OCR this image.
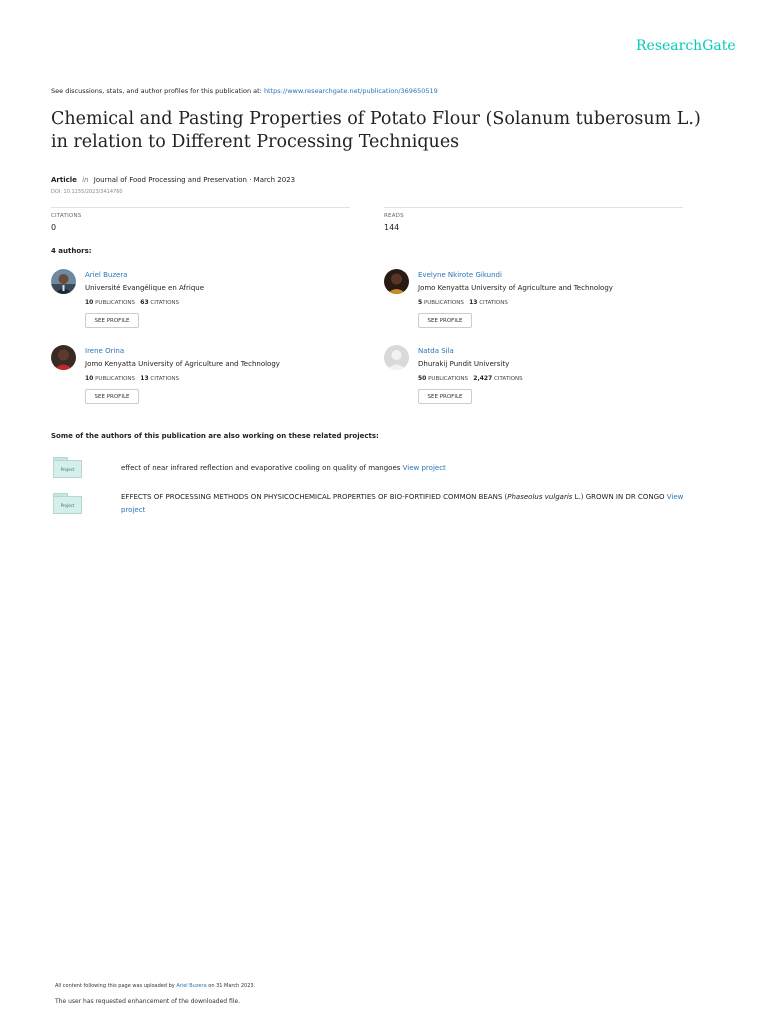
ResearchGate
See discussions, stats, and author profiles for this publication at: https://www.researchgate.net/publication/369650519
Chemical and Pasting Properties of Potato Flour (Solanum tuberosum L.) in relation to Different Processing Techniques
Article in Journal of Food Processing and Preservation · March 2023
DOI: 10.1155/2023/3414760
CITATIONS
0
READS
144
4 authors:
Ariel Buzera
Université Evangélique en Afrique
10 PUBLICATIONS 63 CITATIONS
SEE PROFILE
Evelyne Nkirote Gikundi
Jomo Kenyatta University of Agriculture and Technology
5 PUBLICATIONS 13 CITATIONS
SEE PROFILE
Irene Orina
Jomo Kenyatta University of Agriculture and Technology
10 PUBLICATIONS 13 CITATIONS
SEE PROFILE
Natda Sila
Dhurakij Pundit University
50 PUBLICATIONS 2,427 CITATIONS
SEE PROFILE
Some of the authors of this publication are also working on these related projects:
Project	effect of near infrared reflection and evaporative cooling on quality of mangoes View project
Project
EFFECTS OF PROCESSING METHODS ON PHYSICOCHEMICAL PROPERTIES OF BIO-FORTIFIED COMMON BEANS (Phaseolus vulgaris L.) GROWN IN DR CONGO View
project
All content following this page was uploaded by Ariel Buzera on 31 March 2023.
The user has requested enhancement of the downloaded file.
